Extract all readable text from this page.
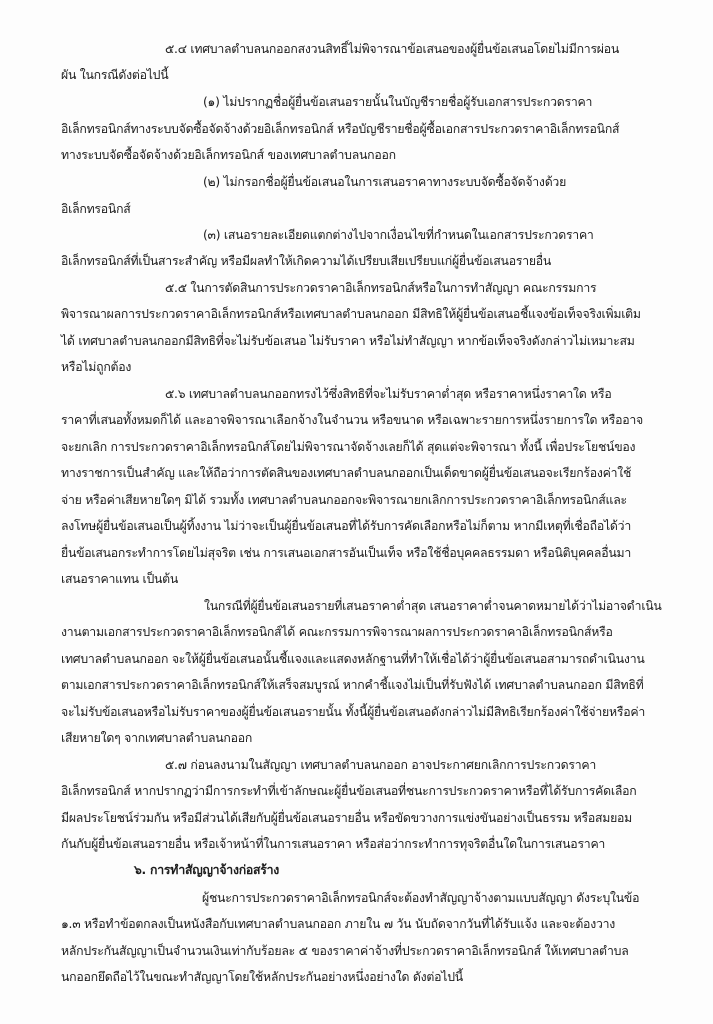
๕.๔ เทศบาลตำบลนกออกสงวนสิทธิ์ไม่พิจารณาข้อเสนอของผู้ยื่นข้อเสนอโดยไม่มีการผ่อน
ผัน ในกรณีดังต่อไปนี้
(๑) ไม่ปรากฏชื่อผู้ยื่นข้อเสนอรายนั้นในบัญชีรายชื่อผู้รับเอกสารประกวดราคา
อิเล็กทรอนิกส์ทางระบบจัดซื้อจัดจ้างด้วยอิเล็กทรอนิกส์ หรือบัญชีรายชื่อผู้ซื้อเอกสารประกวดราคาอิเล็กทรอนิกส์
ทางระบบจัดซื้อจัดจ้างด้วยอิเล็กทรอนิกส์ ของเทศบาลตำบลนกออก
(๒) ไม่กรอกชื่อผู้ยื่นข้อเสนอในการเสนอราคาทางระบบจัดซื้อจัดจ้างด้วย
อิเล็กทรอนิกส์
(๓) เสนอรายละเอียดแตกต่างไปจากเงื่อนไขที่กำหนดในเอกสารประกวดราคา
อิเล็กทรอนิกส์ที่เป็นสาระสำคัญ หรือมีผลทำให้เกิดความได้เปรียบเสียเปรียบแก่ผู้ยื่นข้อเสนอรายอื่น
๕.๕ ในการตัดสินการประกวดราคาอิเล็กทรอนิกส์หรือในการทำสัญญา คณะกรรมการ
พิจารณาผลการประกวดราคาอิเล็กทรอนิกส์หรือเทศบาลตำบลนกออก มีสิทธิให้ผู้ยื่นข้อเสนอชี้แจงข้อเท็จจริงเพิ่มเติม
ได้ เทศบาลตำบลนกออกมีสิทธิที่จะไม่รับข้อเสนอ ไม่รับราคา หรือไม่ทำสัญญา หากข้อเท็จจริงดังกล่าวไม่เหมาะสม
หรือไม่ถูกต้อง
๕.๖ เทศบาลตำบลนกออกทรงไว้ซึ่งสิทธิที่จะไม่รับราคาต่ำสุด หรือราคาหนึ่งราคาใด หรือ
ราคาที่เสนอทั้งหมดก็ได้ และอาจพิจารณาเลือกจ้างในจำนวน หรือขนาด หรือเฉพาะรายการหนึ่งรายการใด หรืออาจ
จะยกเลิก การประกวดราคาอิเล็กทรอนิกส์โดยไม่พิจารณาจัดจ้างเลยก็ได้ สุดแต่จะพิจารณา ทั้งนี้ เพื่อประโยชน์ของ
ทางราชการเป็นสำคัญ และให้ถือว่าการตัดสินของเทศบาลตำบลนกออกเป็นเด็ดขาดผู้ยื่นข้อเสนอจะเรียกร้องค่าใช้
จ่าย หรือค่าเสียหายใดๆ มิได้ รวมทั้ง เทศบาลตำบลนกออกจะพิจารณายกเลิกการประกวดราคาอิเล็กทรอนิกส์และ
ลงโทษผู้ยื่นข้อเสนอเป็นผู้ทิ้งงาน ไม่ว่าจะเป็นผู้ยื่นข้อเสนอที่ได้รับการคัดเลือกหรือไม่ก็ตาม หากมีเหตุที่เชื่อถือได้ว่า
ยื่นข้อเสนอกระทำการโดยไม่สุจริต เช่น การเสนอเอกสารอันเป็นเท็จ หรือใช้ชื่อบุคคลธรรมดา หรือนิติบุคคลอื่นมา
เสนอราคาแทน เป็นต้น
ในกรณีที่ผู้ยื่นข้อเสนอรายที่เสนอราคาต่ำสุด เสนอราคาต่ำจนคาดหมายได้ว่าไม่อาจดำเนิน
งานตามเอกสารประกวดราคาอิเล็กทรอนิกส์ได้ คณะกรรมการพิจารณาผลการประกวดราคาอิเล็กทรอนิกส์หรือ
เทศบาลตำบลนกออก จะให้ผู้ยื่นข้อเสนอนั้นชี้แจงและแสดงหลักฐานที่ทำให้เชื่อได้ว่าผู้ยื่นข้อเสนอสามารถดำเนินงาน
ตามเอกสารประกวดราคาอิเล็กทรอนิกส์ให้เสร็จสมบูรณ์ หากคำชี้แจงไม่เป็นที่รับฟังได้ เทศบาลตำบลนกออก มีสิทธิที่
จะไม่รับข้อเสนอหรือไม่รับราคาของผู้ยื่นข้อเสนอรายนั้น ทั้งนี้ผู้ยื่นข้อเสนอดังกล่าวไม่มีสิทธิเรียกร้องค่าใช้จ่ายหรือค่า
เสียหายใดๆ จากเทศบาลตำบลนกออก
๕.๗ ก่อนลงนามในสัญญา เทศบาลตำบลนกออก อาจประกาศยกเลิกการประกวดราคา
อิเล็กทรอนิกส์ หากปรากฏว่ามีการกระทำที่เข้าลักษณะผู้ยื่นข้อเสนอที่ชนะการประกวดราคาหรือที่ได้รับการคัดเลือก
มีผลประโยชน์ร่วมกัน หรือมีส่วนได้เสียกับผู้ยื่นข้อเสนอรายอื่น หรือขัดขวางการแข่งขันอย่างเป็นธรรม หรือสมยอม
กันกับผู้ยื่นข้อเสนอรายอื่น หรือเจ้าหน้าที่ในการเสนอราคา หรือส่อว่ากระทำการทุจริตอื่นใดในการเสนอราคา
๖. การทำสัญญาจ้างก่อสร้าง
ผู้ชนะการประกวดราคาอิเล็กทรอนิกส์จะต้องทำสัญญาจ้างตามแบบสัญญา ดังระบุในข้อ
๑.๓ หรือทำข้อตกลงเป็นหนังสือกับเทศบาลตำบลนกออก ภายใน ๗ วัน นับถัดจากวันที่ได้รับแจ้ง และจะต้องวาง
หลักประกันสัญญาเป็นจำนวนเงินเท่ากับร้อยละ ๕ ของราคาค่าจ้างที่ประกวดราคาอิเล็กทรอนิกส์ ให้เทศบาลตำบล
นกออกยึดถือไว้ในขณะทำสัญญาโดยใช้หลักประกันอย่างหนึ่งอย่างใด ดังต่อไปนี้
